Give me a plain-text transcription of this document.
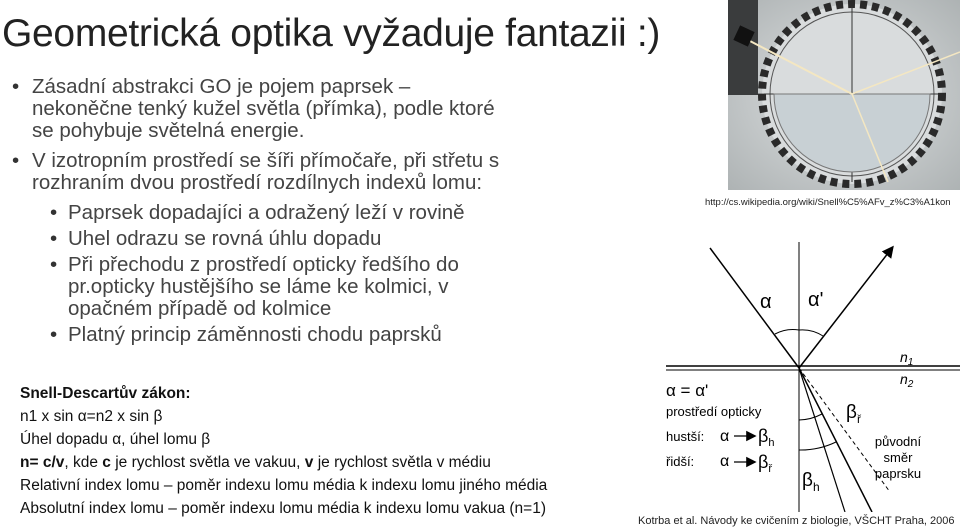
Geometrická optika vyžaduje fantazii :)
• Zásadní abstrakci GO je pojem paprsek – nekoněčne tenký kužel světla (přímka), podle ktoré se pohybuje světelná energie.
• V izotropním prostředí se šíři přímočaře, při střetu s rozhraním dvou prostředí rozdílnych indexů lomu:
• Paprsek dopadajíci a odražený leží v rovině
• Uhel odrazu se rovná úhlu dopadu
• Při přechodu z prostředí opticky ředšího do pr.opticky hustějšího se láme ke kolmici, v opačném případě od kolmice
• Platný princip záměnnosti chodu paprsků
Snell-Descartův zákon:
n1 x sin α=n2 x sin β
Úhel dopadu α, úhel lomu β
n= c/v, kde c je rychlost světla ve vakuu, v je rychlost světla v médiu
Relativní index lomu – poměr indexu lomu média k indexu lomu jiného média
Absolutní index lomu – poměr indexu lomu média k indexu lomu vakua (n=1)
http://cs.wikipedia.org/wiki/Snell%C5%AFv_z%C3%A1kon
α α'
$n_1$
$n_2$
α = α'
prostředí opticky
hustší:
řidší:
α $\beta_h$
α $\beta_ř$
$\beta_ř$
$\beta_h$
původní
směr
paprsku
Kotrba et al. Návody ke cvičením z biologie, VŠCHT Praha, 2006
